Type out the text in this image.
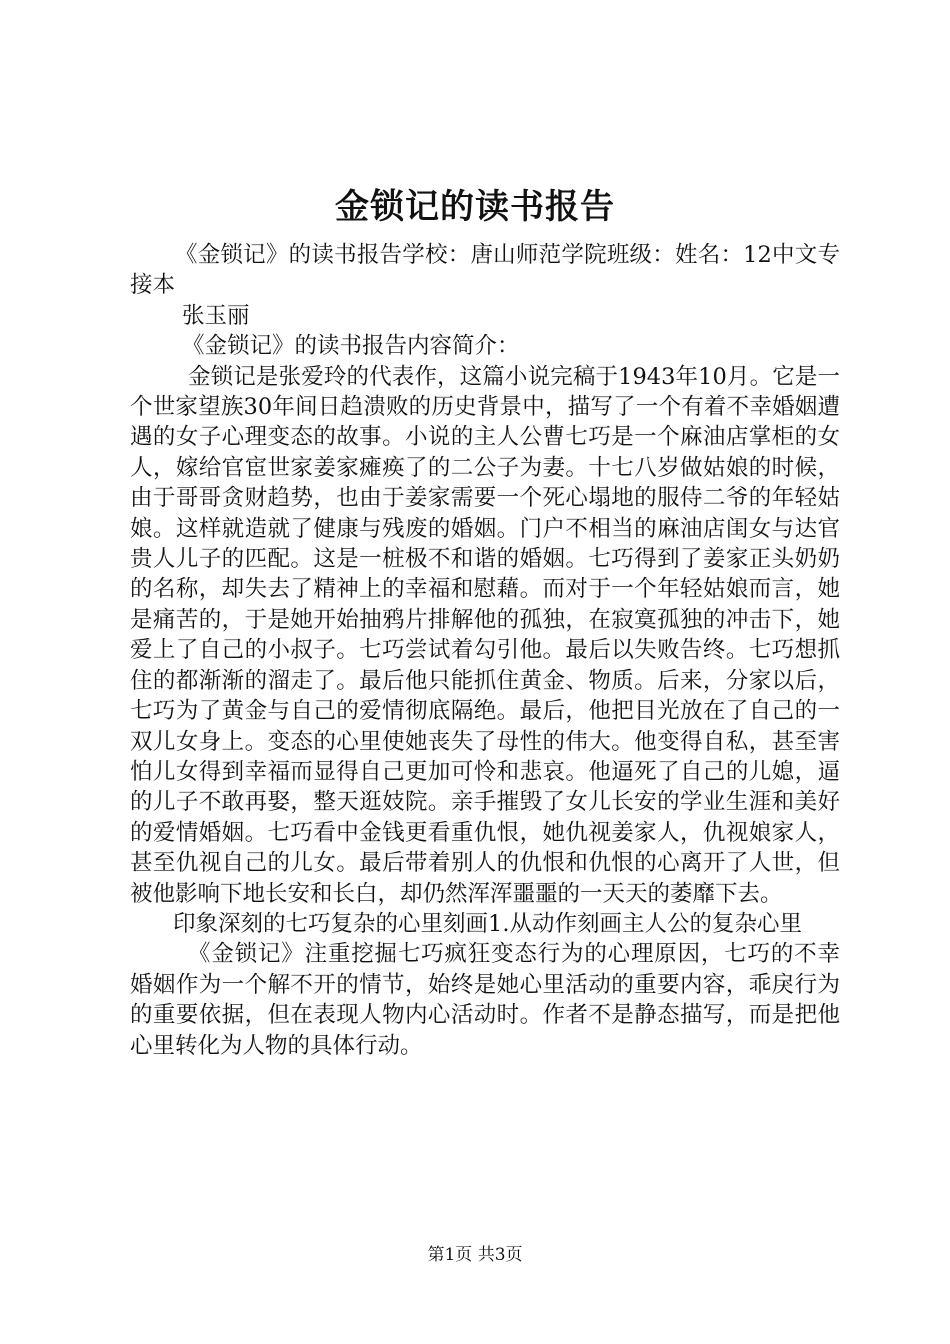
金锁记的读书报告

《金锁记》的读书报告学校：唐山师范学院班级：姓名：12中文专接本

张玉丽

《金锁记》的读书报告内容简介：

金锁记是张爱玲的代表作，这篇小说完稿于1943年10月。它是一个世家望族30年间日趋溃败的历史背景中，描写了一个有着不幸婚姻遭遇的女子心理变态的故事。小说的主人公曹七巧是一个麻油店掌柜的女人，嫁给官宦世家姜家瘫痪了的二公子为妻。十七八岁做姑娘的时候，由于哥哥贪财趋势，也由于姜家需要一个死心塌地的服侍二爷的年轻姑娘。这样就造就了健康与残废的婚姻。门户不相当的麻油店闺女与达官贵人儿子的匹配。这是一桩极不和谐的婚姻。七巧得到了姜家正头奶奶的名称，却失去了精神上的幸福和慰藉。而对于一个年轻姑娘而言，她是痛苦的，于是她开始抽鸦片排解他的孤独，在寂寞孤独的冲击下，她爱上了自己的小叔子。七巧尝试着勾引他。最后以失败告终。七巧想抓住的都渐渐的溜走了。最后他只能抓住黄金、物质。后来，分家以后，七巧为了黄金与自己的爱情彻底隔绝。最后，他把目光放在了自己的一双儿女身上。变态的心里使她丧失了母性的伟大。他变得自私，甚至害怕儿女得到幸福而显得自己更加可怜和悲哀。他逼死了自己的儿媳，逼的儿子不敢再娶，整天逛妓院。亲手摧毁了女儿长安的学业生涯和美好的爱情婚姻。七巧看中金钱更看重仇恨，她仇视姜家人，仇视娘家人，甚至仇视自己的儿女。最后带着别人的仇恨和仇恨的心离开了人世，但被他影响下地长安和长白，却仍然浑浑噩噩的一天天的萎靡下去。

印象深刻的七巧复杂的心里刻画1.从动作刻画主人公的复杂心里

《金锁记》注重挖掘七巧疯狂变态行为的心理原因，七巧的不幸婚姻作为一个解不开的情节，始终是她心里活动的重要内容，乖戾行为的重要依据，但在表现人物内心活动时。作者不是静态描写，而是把他心里转化为人物的具体行动。

第1页 共3页
